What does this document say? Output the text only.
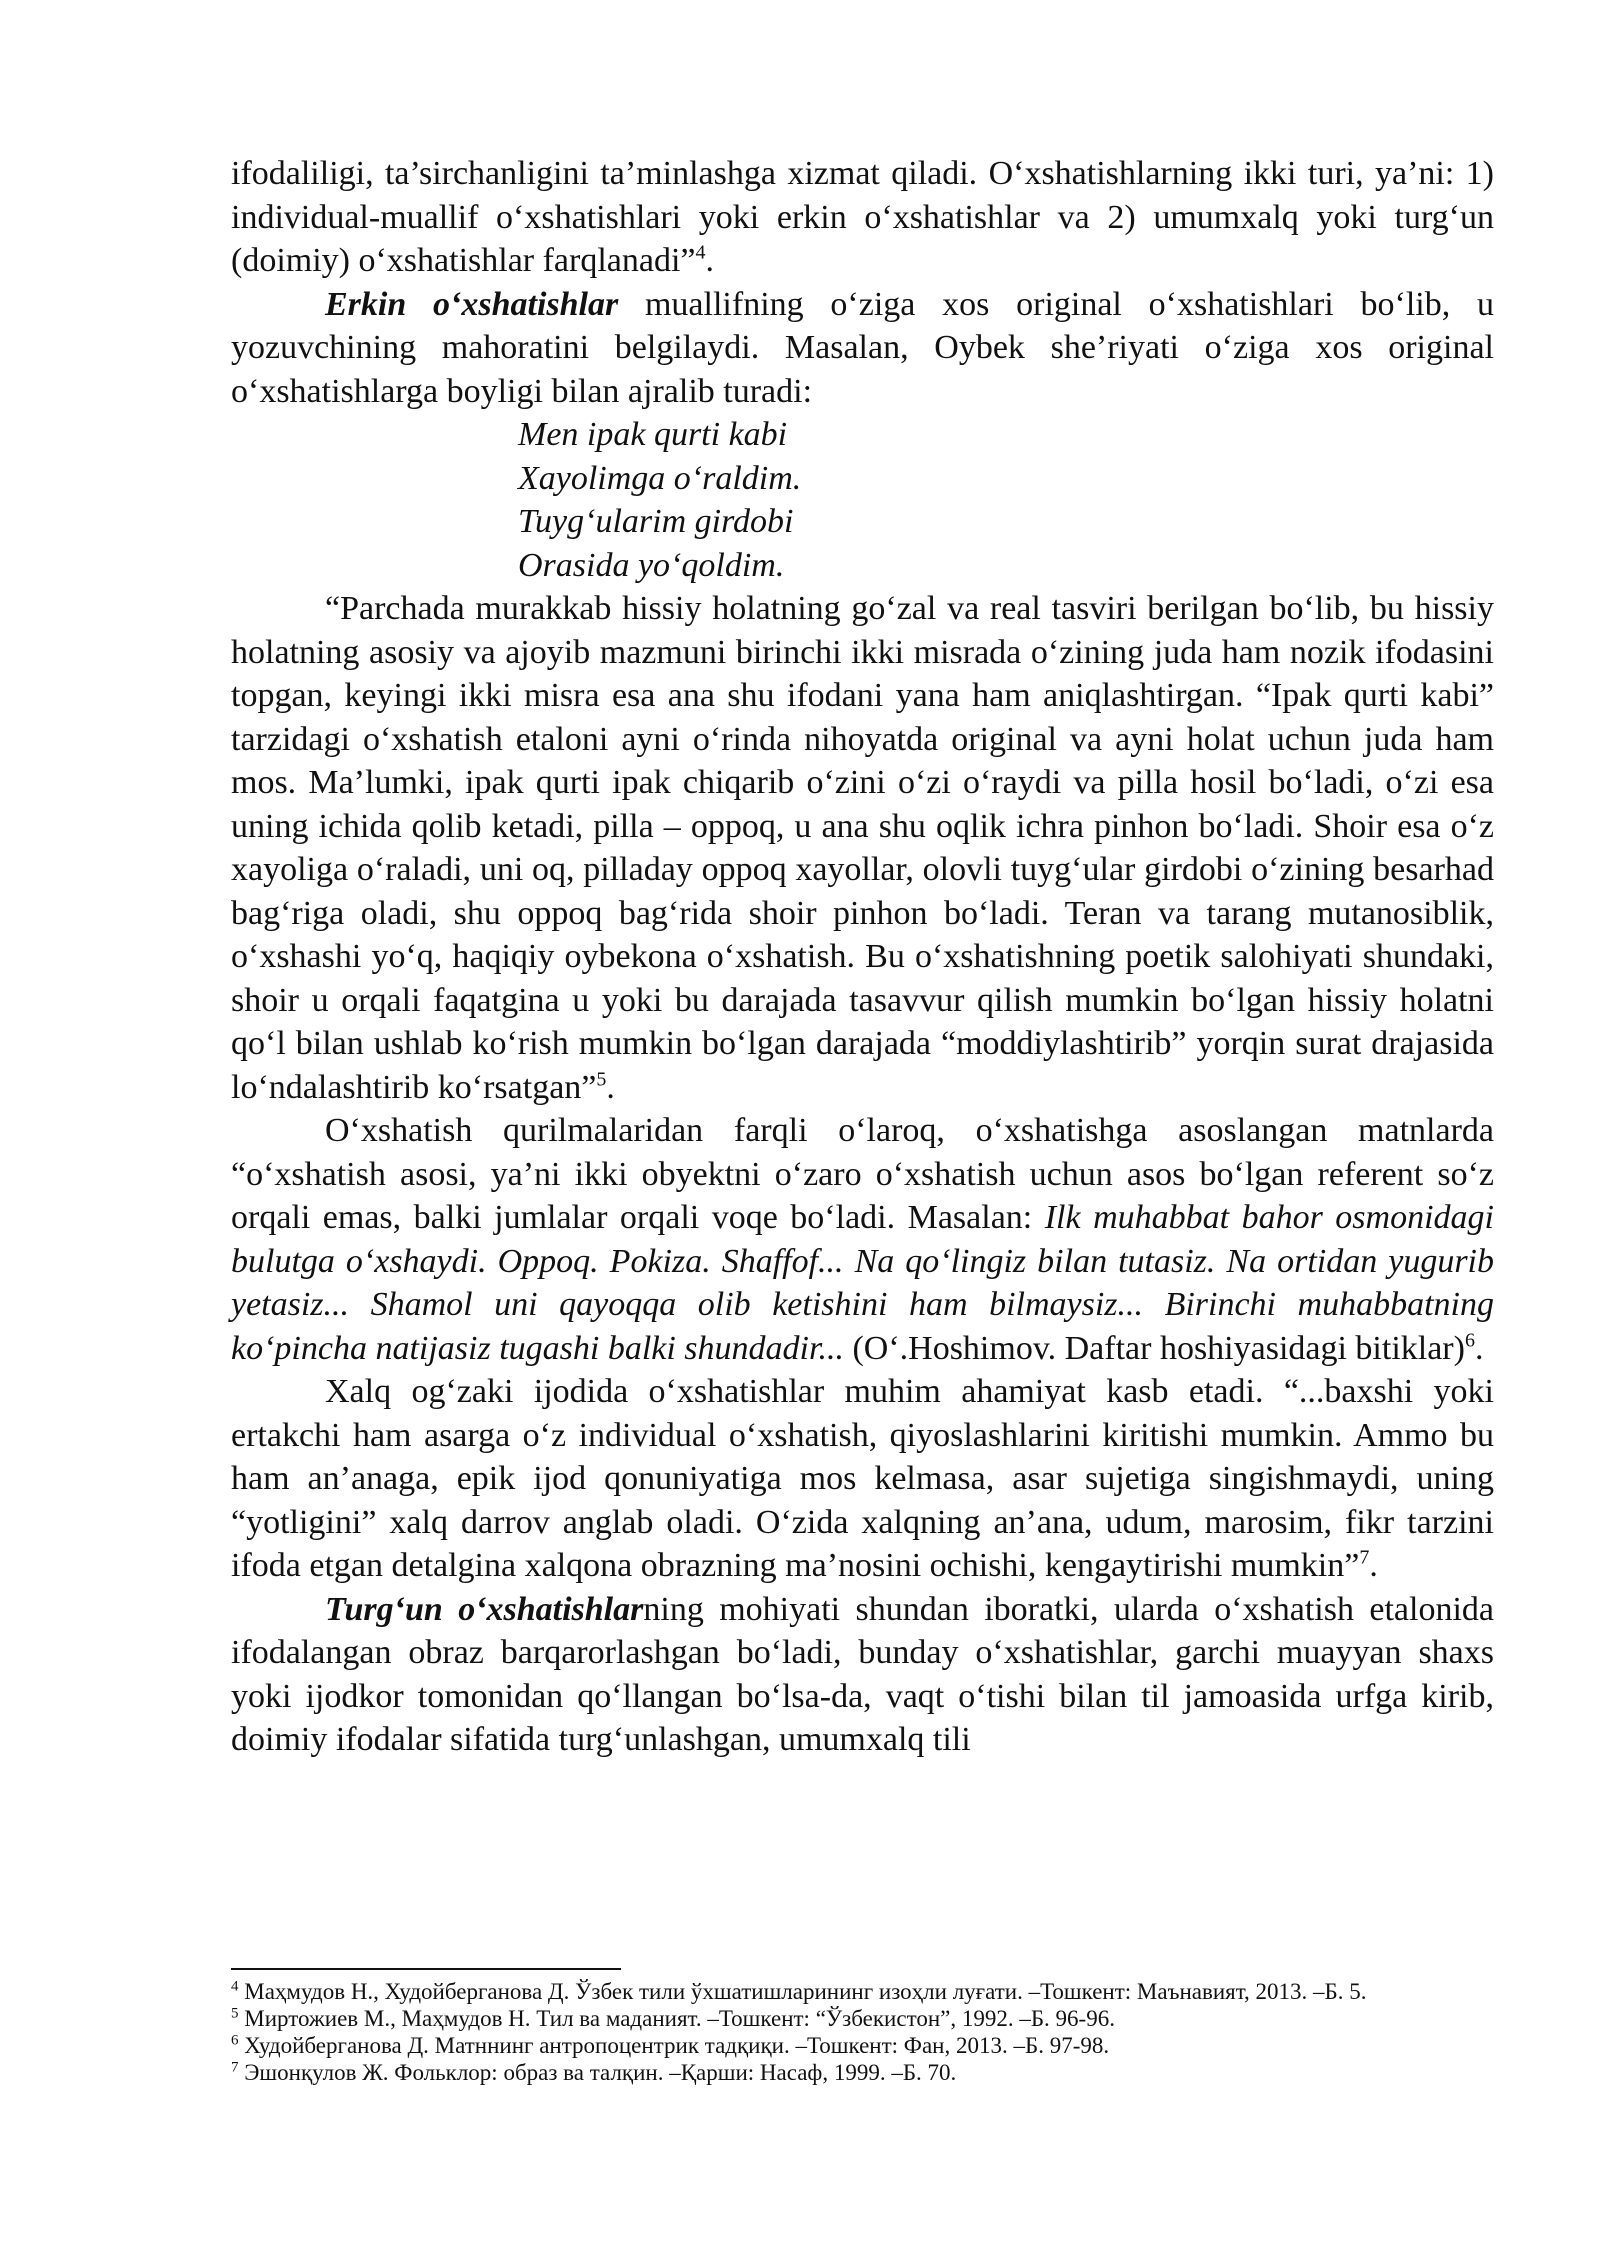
ifodaliligi, ta’sirchanligini ta’minlashga xizmat qiladi. O‘xshatishlarning ikki turi, ya’ni: 1) individual-muallif o‘xshatishlari yoki erkin o‘xshatishlar va 2) umumxalq yoki turg‘un (doimiy) o‘xshatishlar farqlanadi”$^4$.

Erkin o‘xshatishlar muallifning o‘ziga xos original o‘xshatishlari bo‘lib, u yozuvchining mahoratini belgilaydi. Masalan, Oybek she’riyati o‘ziga xos original o‘xshatishlarga boyligi bilan ajralib turadi:

Men ipak qurti kabi
Xayolimga o‘raldim.
Tuyg‘ularim girdobi
Orasida yo‘qoldim.

“Parchada murakkab hissiy holatning go‘zal va real tasviri berilgan bo‘lib, bu hissiy holatning asosiy va ajoyib mazmuni birinchi ikki misrada o‘zining juda ham nozik ifodasini topgan, keyingi ikki misra esa ana shu ifodani yana ham aniqlashtirgan. “Ipak qurti kabi” tarzidagi o‘xshatish etaloni ayni o‘rinda nihoyatda original va ayni holat uchun juda ham mos. Ma’lumki, ipak qurti ipak chiqarib o‘zini o‘zi o‘raydi va pilla hosil bo‘ladi, o‘zi esa uning ichida qolib ketadi, pilla – oppoq, u ana shu oqlik ichra pinhon bo‘ladi. Shoir esa o‘z xayoliga o‘raladi, uni oq, pilladay oppoq xayollar, olovli tuyg‘ular girdobi o‘zining besarhad bag‘riga oladi, shu oppoq bag‘rida shoir pinhon bo‘ladi. Teran va tarang mutanosiblik, o‘xshashi yo‘q, haqiqiy oybekona o‘xshatish. Bu o‘xshatishning poetik salohiyati shundaki, shoir u orqali faqatgina u yoki bu darajada tasavvur qilish mumkin bo‘lgan hissiy holatni qo‘l bilan ushlab ko‘rish mumkin bo‘lgan darajada “moddiylashtirib” yorqin surat drajasida lo‘ndalashtirib ko‘rsatgan”$^5$.

O‘xshatish qurilmalaridan farqli o‘laroq, o‘xshatishga asoslangan matnlarda “o‘xshatish asosi, ya’ni ikki obyektni o‘zaro o‘xshatish uchun asos bo‘lgan referent so‘z orqali emas, balki jumlalar orqali voqe bo‘ladi. Masalan: Ilk muhabbat bahor osmonidagi bulutga o‘xshaydi. Oppoq. Pokiza. Shaffof... Na qo‘lingiz bilan tutasiz. Na ortidan yugurib yetasiz... Shamol uni qayoqqa olib ketishini ham bilmaysiz... Birinchi muhabbatning ko‘pincha natijasiz tugashi balki shundadir... (O‘.Hoshimov. Daftar hoshiyasidagi bitiklar)$^6$.

Xalq og‘zaki ijodida o‘xshatishlar muhim ahamiyat kasb etadi. “...baxshi yoki ertakchi ham asarga o‘z individual o‘xshatish, qiyoslashlarini kiritishi mumkin. Ammo bu ham an’anaga, epik ijod qonuniyatiga mos kelmasa, asar sujetiga singishmaydi, uning “yotligini” xalq darrov anglab oladi. O‘zida xalqning an’ana, udum, marosim, fikr tarzini ifoda etgan detalgina xalqona obrazning ma’nosini ochishi, kengaytirishi mumkin”$^7$.

Turg‘un o‘xshatishlarning mohiyati shundan iboratki, ularda o‘xshatish etalonida ifodalangan obraz barqarorlashgan bo‘ladi, bunday o‘xshatishlar, garchi muayyan shaxs yoki ijodkor tomonidan qo‘llangan bo‘lsa-da, vaqt o‘tishi bilan til jamoasida urfga kirib, doimiy ifodalar sifatida turg‘unlashgan, umumxalq tili

$^4$ Маҳмудов Н., Худойберганова Д. Ўзбек тили ўхшатишларининг изоҳли луғати. –Тошкент: Маънавият, 2013. –Б. 5.

$^5$ Миртожиев М., Маҳмудов Н. Тил ва маданият. –Тошкент: “Ўзбекистон”, 1992. –Б. 96-96.

$^6$ Худойберганова Д. Матннинг антропоцентрик тадқиқи. –Тошкент: Фан, 2013. –Б. 97-98.

$^7$ Эшонқулов Ж. Фольклор: образ ва талқин. –Қарши: Насаф, 1999. –Б. 70.
